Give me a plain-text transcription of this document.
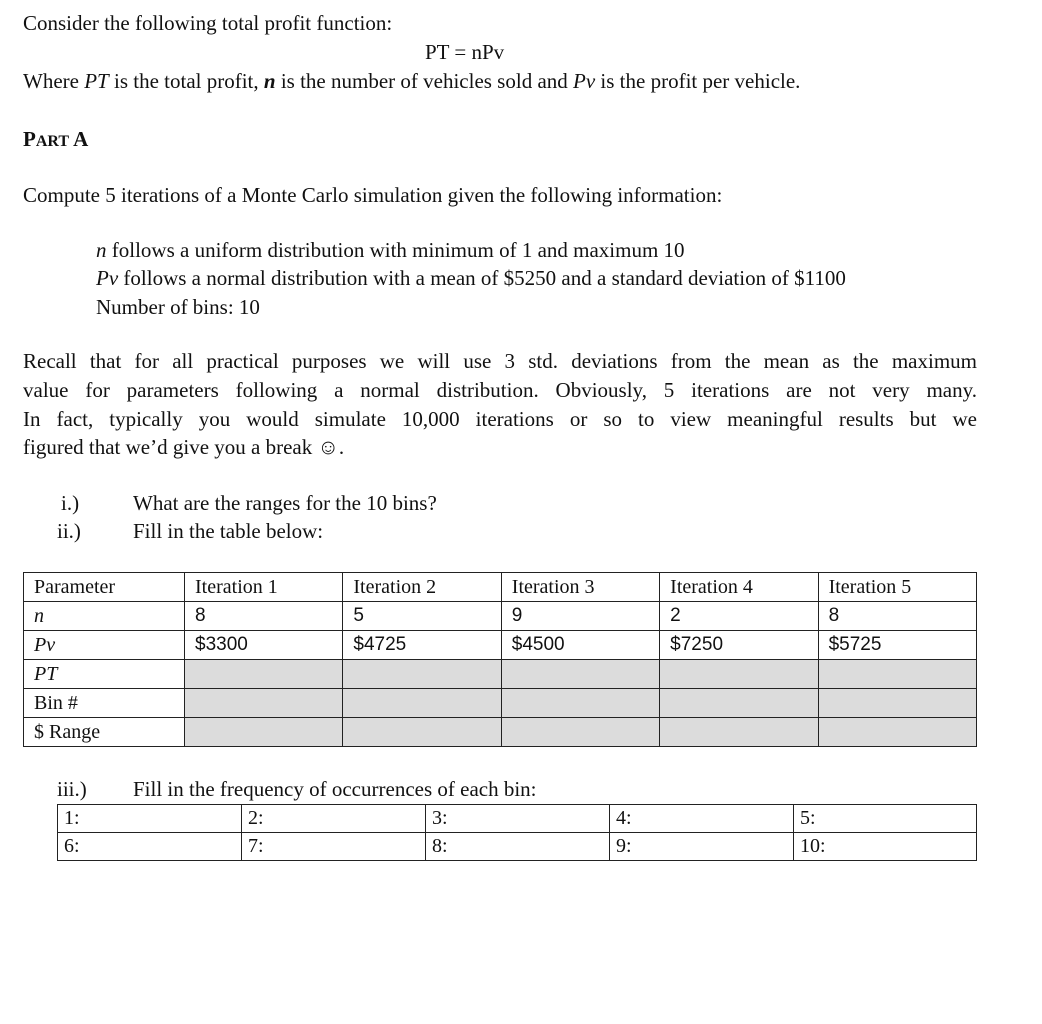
Consider the following total profit function:
PT = nPv
Where PT is the total profit, n is the number of vehicles sold and Pv is the profit per vehicle.
PART A
Compute 5 iterations of a Monte Carlo simulation given the following information:
n follows a uniform distribution with minimum of 1 and maximum 10
Pv follows a normal distribution with a mean of $5250 and a standard deviation of $1100
Number of bins: 10
Recall that for all practical purposes we will use 3 std. deviations from the mean as the maximum
value for parameters following a normal distribution. Obviously, 5 iterations are not very many.
In fact, typically you would simulate 10,000 iterations or so to view meaningful results but we
figured that we’d give you a break ☺.
i.)	What are the ranges for the 10 bins?
ii.) Fill in the table below:
Parameter	Iteration 1	Iteration 2	Iteration 3	Iteration 4	Iteration 5
n	8	5	9	2	8
Pv	$3300	$4725	$4500	$7250	$5725
PT					
Bin #					
$ Range					
iii.) Fill in the frequency of occurrences of each bin:
1:	2:	3:	4:	5:
6:	7:	8:	9:	10:
